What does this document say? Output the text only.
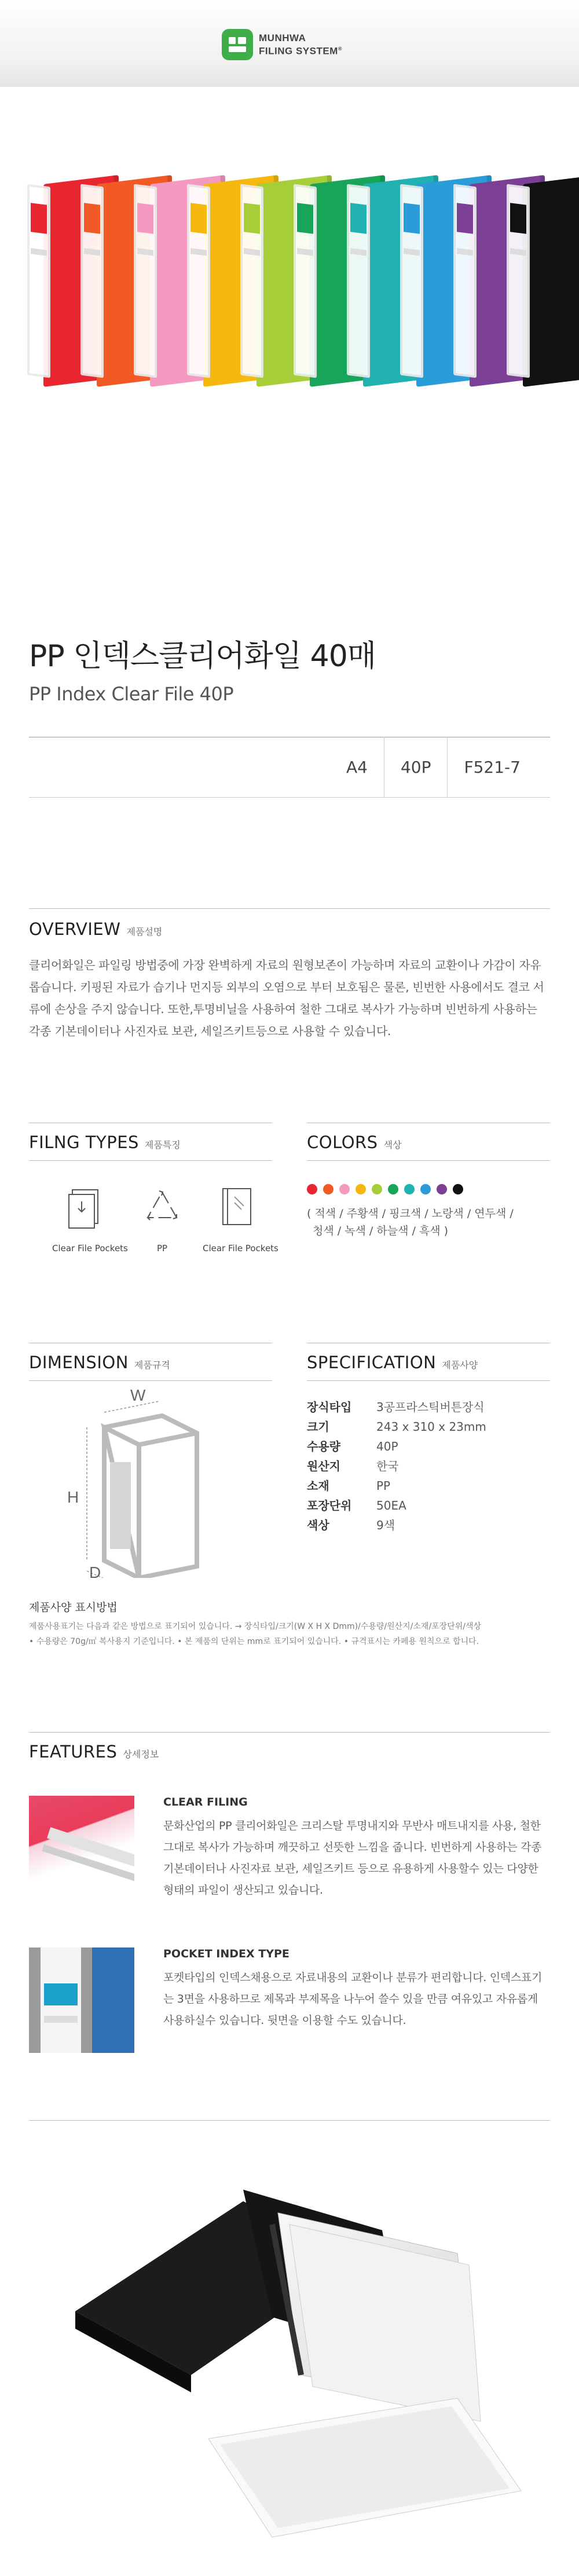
MUNHWA
FILING SYSTEM®
PP 인덱스클리어화일 40매
PP Index Clear File 40P
A4	40P	F521-7
OVERVIEW 제품설명
클리어화일은 파일링 방법중에 가장 완벽하게 자료의 원형보존이 가능하며 자료의 교환이나 가감이 자유롭습니다. 키핑된 자료가 습기나 먼지등 외부의 오염으로 부터 보호됨은 물론, 빈번한 사용에서도 결코 서류에 손상을 주지 않습니다. 또한,투명비닐을 사용하여 철한 그대로 복사가 가능하며 빈번하게 사용하는 각종 기본데이터나 사진자료 보관, 세일즈키트등으로 사용할 수 있습니다.
FILNG TYPES 제품특징
Clear File Pockets	PP	Clear File Pockets
COLORS 색상
( 적색 / 주황색 / 핑크색 / 노랑색 / 연두색 /
청색 / 녹색 / 하늘색 / 흑색 )
DIMENSION 제품규격
W
H
D
SPECIFICATION 제품사양
장식타입	3공프라스틱버튼장식
크기	243 x 310 x 23mm
수용량	40P
원산지	한국
소재	PP
포장단위	50EA
색상	9색
제품사양 표시방법
제품사용표기는 다음과 같은 방법으로 표기되어 있습니다. → 장식타입/크기(W X H X Dmm)/수용량/원산지/소재/포장단위/색상
• 수용량은 70g/㎡ 복사용지 기준입니다. • 본 제품의 단위는 mm로 표기되어 있습니다. • 규격표시는 카페용 원칙으로 합니다.
FEATURES 상세정보
CLEAR FILING
문화산업의 PP 클리어화일은 크리스탈 투명내지와 무반사 매트내지를 사용, 철한 그대로 복사가 가능하며 깨끗하고 선뜻한 느낌을 줍니다. 빈번하게 사용하는 각종 기본데이터나 사진자료 보관, 세일즈키트 등으로 유용하게 사용할수 있는 다양한 형태의 파일이 생산되고 있습니다.
POCKET INDEX TYPE
포켓타입의 인덱스채용으로 자료내용의 교환이나 분류가 편리합니다. 인덱스표기는 3면을 사용하므로 제목과 부제목을 나누어 쓸수 있을 만큼 여유있고 자유롭게 사용하실수 있습니다. 뒷면을 이용할 수도 있습니다.
